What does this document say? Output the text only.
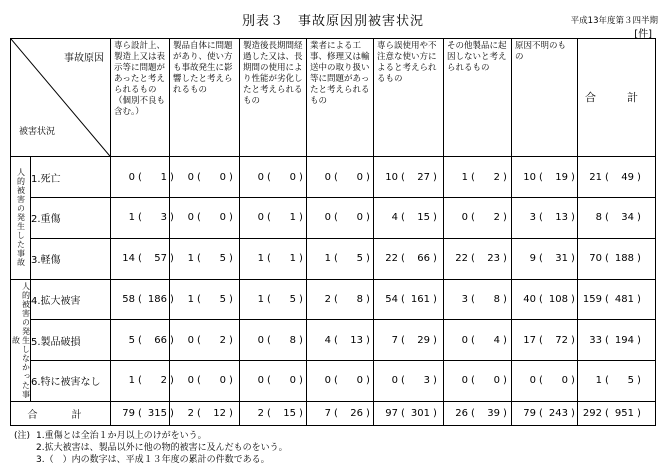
別表３　事故原因別被害状況	平成13年度第３四半期
[件]
事故原因
被害状況		専ら設計上、製造上又は表示等に問題があったと考えられるもの（個別不良も含む。）	製品自体に問題があり、使い方も事故発生に影響したと考えられるもの	製造後長期間経過した又は、長期間の使用により性能が劣化したと考えられるもの	業者による工事、修理又は輸送中の取り扱い等に問題があったと考えられるもの	専ら誤使用や不注意な使い方によると考えられるもの	その他製品に起因しないと考えられるもの	原因不明のもの	合　計
人的被害の発生した事故	1.死亡	0 ( 1 )	0 ( 0 )	0 ( 0 )	0 ( 0 )	10 ( 27 )	1 ( 2 )	10 ( 19 )	21 ( 49 )
	2.重傷	1 ( 3 )	0 ( 0 )	0 ( 1 )	0 ( 0 )	4 ( 15 )	0 ( 2 )	3 ( 13 )	8 ( 34 )
	3.軽傷	14 ( 57 )	1 ( 5 )	1 ( 1 )	1 ( 5 )	22 ( 66 )	22 ( 23 )	9 ( 31 )	70 ( 188 )
人的被害の発生しなかった事故	4.拡大被害	58 ( 186 )	1 ( 5 )	1 ( 5 )	2 ( 8 )	54 ( 161 )	3 ( 8 )	40 ( 108 )	159 ( 481 )
	5.製品破損	5 ( 66 )	0 ( 2 )	0 ( 8 )	4 ( 13 )	7 ( 29 )	0 ( 4 )	17 ( 72 )	33 ( 194 )
	6.特に被害なし	1 ( 2 )	0 ( 0 )	0 ( 0 )	0 ( 0 )	0 ( 3 )	0 ( 0 )	0 ( 0 )	1 ( 5 )
合　計		79 ( 315 )	2 ( 12 )	2 ( 15 )	7 ( 26 )	97 ( 301 )	26 ( 39 )	79 ( 243 )	292 ( 951 )
(注) 1.重傷とは全治１か月以上のけがをいう。
2.拡大被害は、製品以外に他の物的被害に及んだものをいう。
3.（　）内の数字は、平成１３年度の累計の件数である。
